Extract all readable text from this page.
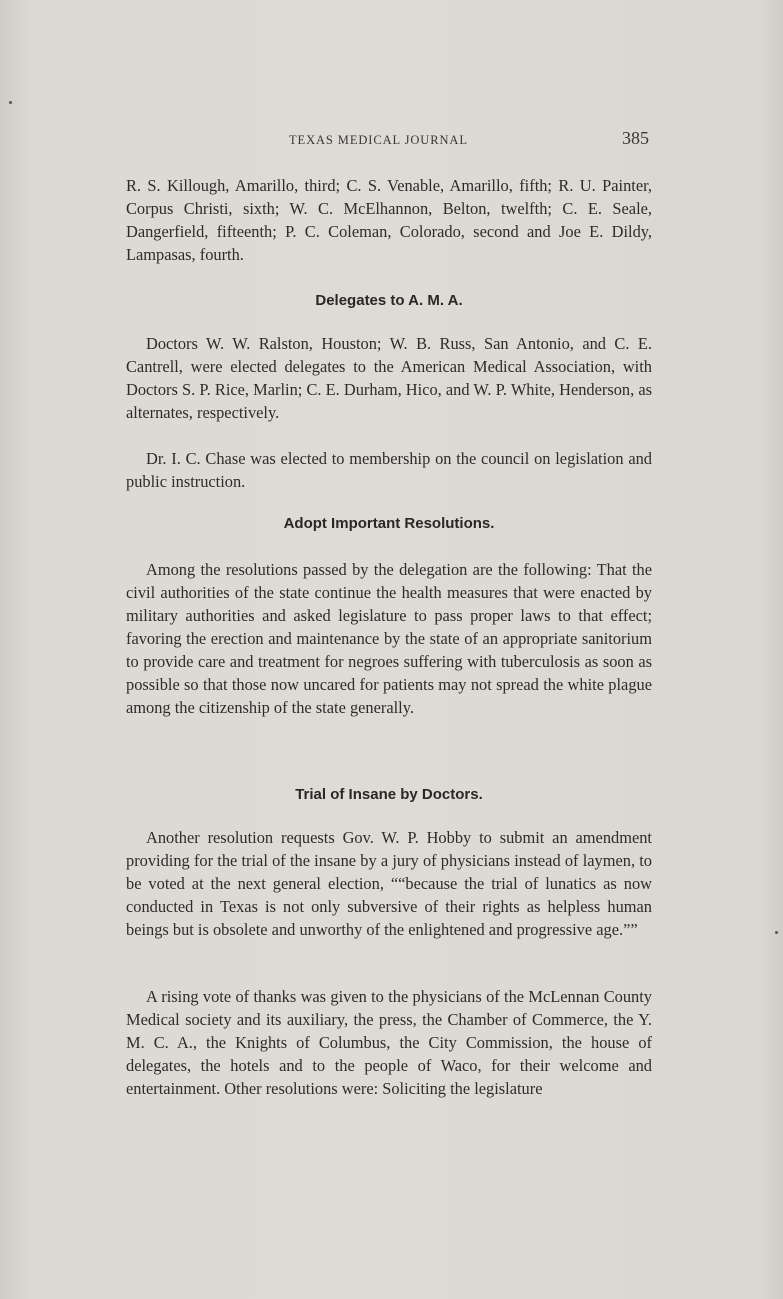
TEXAS MEDICAL JOURNAL	385

R. S. Killough, Amarillo, third; C. S. Venable, Amarillo, fifth; R. U. Painter, Corpus Christi, sixth; W. C. McElhannon, Belton, twelfth; C. E. Seale, Dangerfield, fifteenth; P. C. Coleman, Colorado, second and Joe E. Dildy, Lampasas, fourth.

Delegates to A. M. A.

Doctors W. W. Ralston, Houston; W. B. Russ, San Antonio, and C. E. Cantrell, were elected delegates to the American Medical Association, with Doctors S. P. Rice, Marlin; C. E. Durham, Hico, and W. P. White, Henderson, as alternates, respectively.

Dr. I. C. Chase was elected to membership on the council on legislation and public instruction.

Adopt Important Resolutions.

Among the resolutions passed by the delegation are the following: That the civil authorities of the state continue the health measures that were enacted by military authorities and asked legislature to pass proper laws to that effect; favoring the erection and maintenance by the state of an appropriate sanitorium to provide care and treatment for negroes suffering with tuberculosis as soon as possible so that those now uncared for patients may not spread the white plague among the citizenship of the state generally.

Trial of Insane by Doctors.

Another resolution requests Gov. W. P. Hobby to submit an amendment providing for the trial of the insane by a jury of physicians instead of laymen, to be voted at the next general election, ““because the trial of lunatics as now conducted in Texas is not only subversive of their rights as helpless human beings but is obsolete and unworthy of the enlightened and progressive age.””

A rising vote of thanks was given to the physicians of the McLennan County Medical society and its auxiliary, the press, the Chamber of Commerce, the Y. M. C. A., the Knights of Columbus, the City Commission, the house of delegates, the hotels and to the people of Waco, for their welcome and entertainment. Other resolutions were: Soliciting the legislature
